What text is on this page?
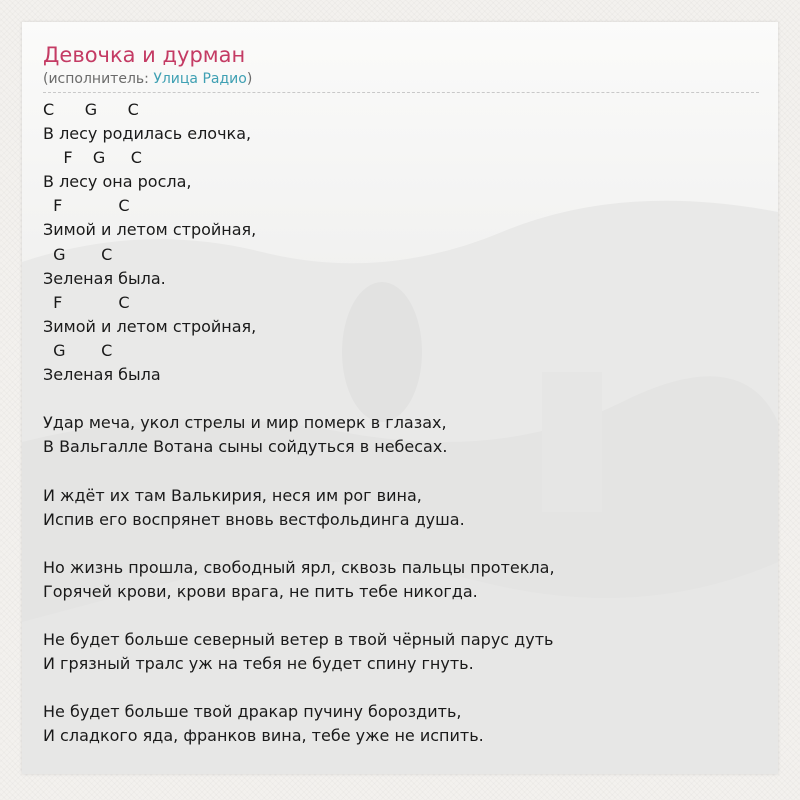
Девочка и дурман
(исполнитель: Улица Радио)
C      G      C
В лесу родилась елочка,
F    G     C
В лесу она росла,
F           C
Зимой и летом стройная,
G       C
Зеленая была.
F           C
Зимой и летом стройная,
G       C
Зеленая была
Удар меча, укол стрелы и мир померк в глазах,
В Вальгалле Вотана сыны сойдуться в небесах.
И ждёт их там Валькирия, неся им рог вина,
Испив его воспрянет вновь вестфольдинга душа.
Но жизнь прошла, свободный ярл, сквозь пальцы протекла,
Горячей крови, крови врага, не пить тебе никогда.
Не будет больше северный ветер в твой чёрный парус дуть
И грязный тралс уж на тебя не будет спину гнуть.
Не будет больше твой дракар пучину бороздить,
И сладкого яда, франков вина, тебе уже не испить.
